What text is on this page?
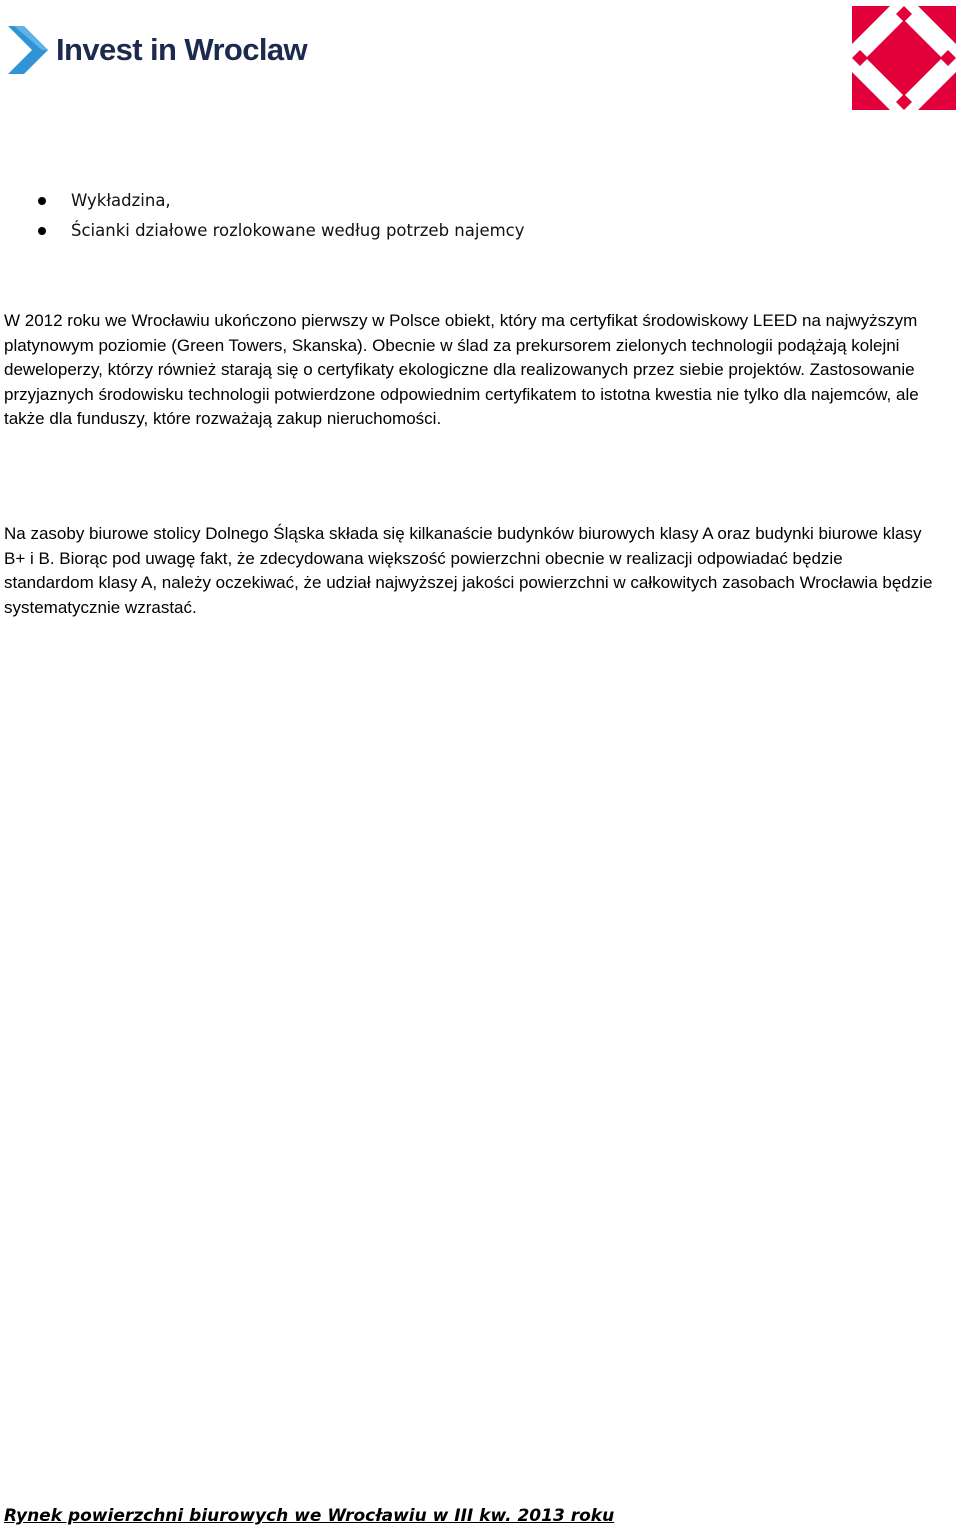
Invest in Wroclaw
Wykładzina,
Ścianki działowe rozlokowane według potrzeb najemcy

W 2012 roku we Wrocławiu ukończono pierwszy w Polsce obiekt, który ma certyfikat środowiskowy LEED na najwyższym platynowym poziomie (Green Towers, Skanska). Obecnie w ślad za prekursorem zielonych technologii podążają kolejni deweloperzy, którzy również starają się o certyfikaty ekologiczne dla realizowanych przez siebie projektów. Zastosowanie przyjaznych środowisku technologii potwierdzone odpowiednim certyfikatem to istotna kwestia nie tylko dla najemców, ale także dla funduszy, które rozważają zakup nieruchomości.

Na zasoby biurowe stolicy Dolnego Śląska składa się kilkanaście budynków biurowych klasy A oraz budynki biurowe klasy B+ i B. Biorąc pod uwagę fakt, że zdecydowana większość powierzchni obecnie w realizacji odpowiadać będzie standardom klasy A, należy oczekiwać, że udział najwyższej jakości powierzchni w całkowitych zasobach Wrocławia będzie systematycznie wzrastać.

Rynek powierzchni biurowych we Wrocławiu w III kw. 2013 roku
